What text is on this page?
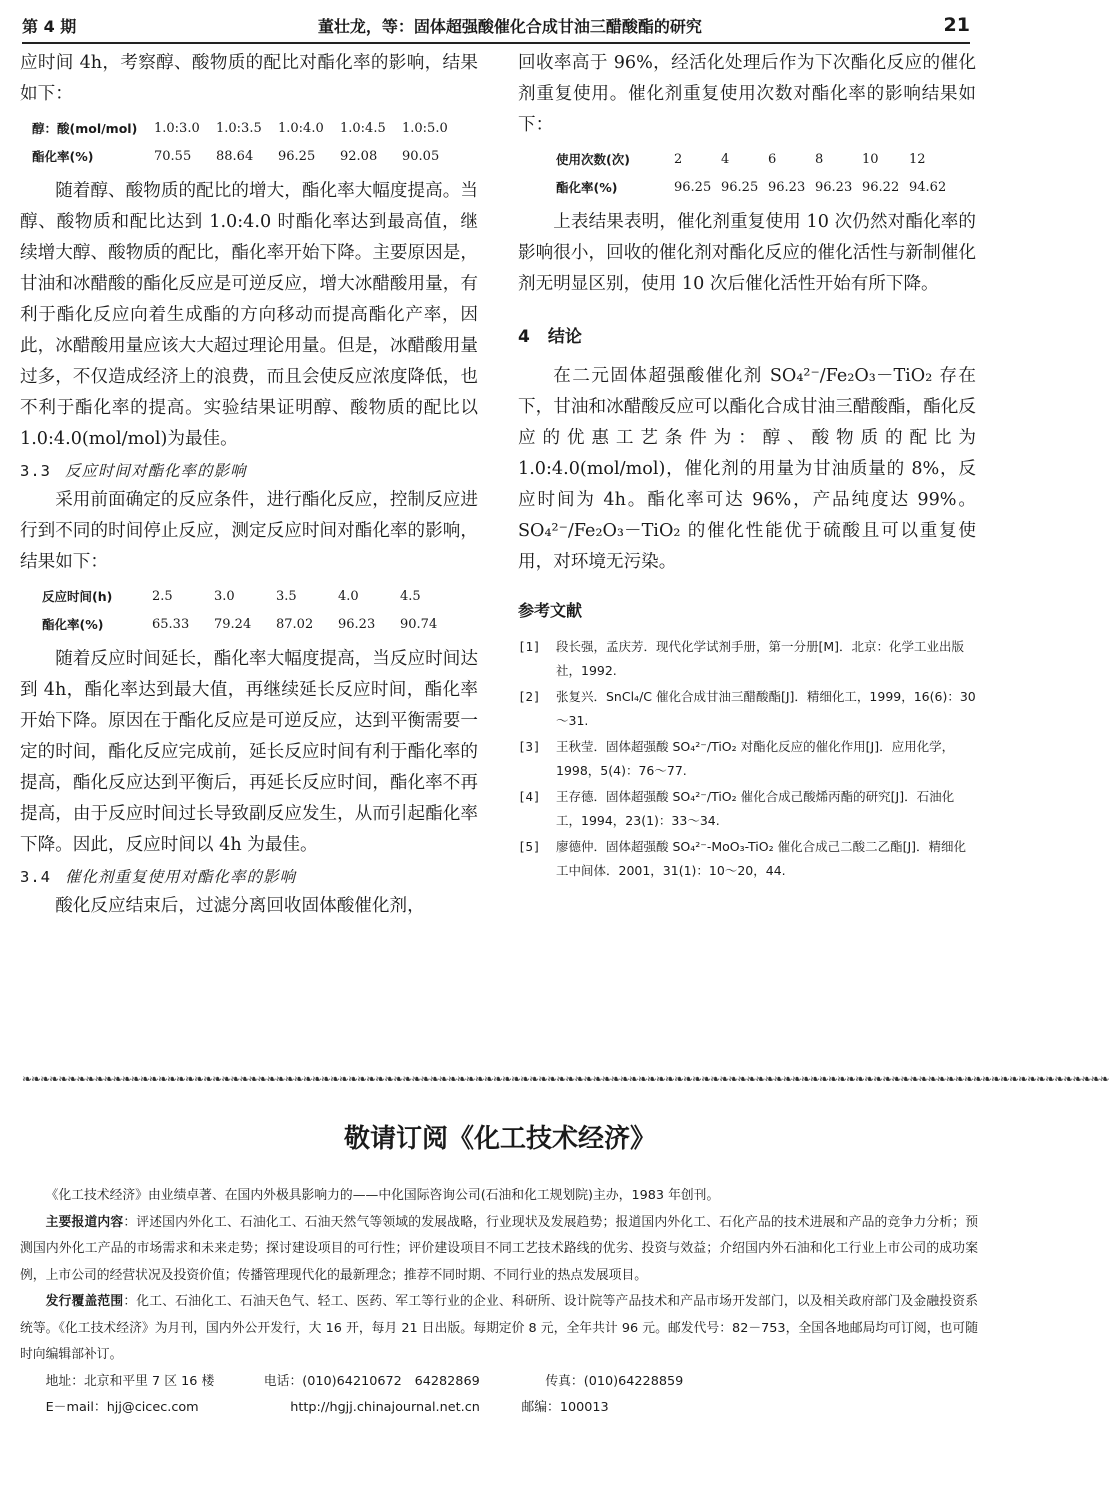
第 4 期	董壮龙，等：固体超强酸催化合成甘油三醋酸酯的研究	21

应时间 4h，考察醇、酸物质的配比对酯化率的影响，结果如下：

醇：酸(mol/mol)	1.0:3.0	1.0:3.5	1.0:4.0	1.0:4.5	1.0:5.0
酯化率(%)	70.55	88.64	96.25	92.08	90.05

随着醇、酸物质的配比的增大，酯化率大幅度提高。当醇、酸物质和配比达到 1.0:4.0 时酯化率达到最高值，继续增大醇、酸物质的配比，酯化率开始下降。主要原因是，甘油和冰醋酸的酯化反应是可逆反应，增大冰醋酸用量，有利于酯化反应向着生成酯的方向移动而提高酯化产率，因此，冰醋酸用量应该大大超过理论用量。但是，冰醋酸用量过多，不仅造成经济上的浪费，而且会使反应浓度降低，也不利于酯化率的提高。实验结果证明醇、酸物质的配比以 1.0:4.0(mol/mol)为最佳。

3.3 反应时间对酯化率的影响

采用前面确定的反应条件，进行酯化反应，控制反应进行到不同的时间停止反应，测定反应时间对酯化率的影响，结果如下：

反应时间(h)	2.5	3.0	3.5	4.0	4.5
酯化率(%)	65.33	79.24	87.02	96.23	90.74

随着反应时间延长，酯化率大幅度提高，当反应时间达到 4h，酯化率达到最大值，再继续延长反应时间，酯化率开始下降。原因在于酯化反应是可逆反应，达到平衡需要一定的时间，酯化反应完成前，延长反应时间有利于酯化率的提高，酯化反应达到平衡后，再延长反应时间，酯化率不再提高，由于反应时间过长导致副反应发生，从而引起酯化率下降。因此，反应时间以 4h 为最佳。

3.4 催化剂重复使用对酯化率的影响

酸化反应结束后，过滤分离回收固体酸催化剂，

回收率高于 96%，经活化处理后作为下次酯化反应的催化剂重复使用。催化剂重复使用次数对酯化率的影响结果如下：

使用次数(次)	2	4	6	8	10	12
酯化率(%)	96.25	96.25	96.23	96.23	96.22	94.62

上表结果表明，催化剂重复使用 10 次仍然对酯化率的影响很小，回收的催化剂对酯化反应的催化活性与新制催化剂无明显区别，使用 10 次后催化活性开始有所下降。

4 结论

在二元固体超强酸催化剂 SO₄²⁻/Fe₂O₃－TiO₂ 存在下，甘油和冰醋酸反应可以酯化合成甘油三醋酸酯，酯化反应的优惠工艺条件为：醇、酸物质的配比为 1.0:4.0(mol/mol)，催化剂的用量为甘油质量的 8%，反应时间为 4h。酯化率可达 96%，产品纯度达 99%。SO₄²⁻/Fe₂O₃－TiO₂ 的催化性能优于硫酸且可以重复使用，对环境无污染。

参考文献
[1]	段长强，孟庆芳．现代化学试剂手册，第一分册[M]．北京：化学工业出版社，1992.
[2]	张复兴．SnCl₄/C 催化合成甘油三醋酸酯[J]．精细化工，1999，16(6)：30～31.
[3]	王秋莹．固体超强酸 SO₄²⁻/TiO₂ 对酯化反应的催化作用[J]．应用化学，1998，5(4)：76～77.
[4]	王存德．固体超强酸 SO₄²⁻/TiO₂ 催化合成己酸烯丙酯的研究[J]．石油化工，1994，23(1)：33～34.
[5]	廖德仲．固体超强酸 SO₄²⁻-MoO₃-TiO₂ 催化合成己二酸二乙酯[J]．精细化工中间体．2001，31(1)：10～20，44.
❧❧❧❧❧❧❧❧❧❧❧❧❧❧❧❧❧❧❧❧❧❧❧❧❧❧❧❧❧❧❧❧❧❧❧❧❧❧❧❧❧❧❧❧❧❧❧❧❧❧❧❧❧❧❧❧❧❧❧❧❧❧❧❧❧❧❧❧❧❧❧❧❧❧❧❧❧❧❧❧❧❧❧❧❧❧❧❧❧❧❧❧❧❧❧❧❧❧❧❧❧❧❧❧❧❧❧❧❧❧❧❧❧❧❧❧❧❧❧❧
敬请订阅《化工技术经济》

《化工技术经济》由业绩卓著、在国内外极具影响力的——中化国际咨询公司(石油和化工规划院)主办，1983 年创刊。

主要报道内容：评述国内外化工、石油化工、石油天然气等领域的发展战略，行业现状及发展趋势；报道国内外化工、石化产品的技术进展和产品的竞争力分析；预测国内外化工产品的市场需求和未来走势；探讨建设项目的可行性；评价建设项目不同工艺技术路线的优劣、投资与效益；介绍国内外石油和化工行业上市公司的成功案例，上市公司的经营状况及投资价值；传播管理现代化的最新理念；推荐不同时期、不同行业的热点发展项目。

发行覆盖范围：化工、石油化工、石油天色气、轻工、医药、军工等行业的企业、科研所、设计院等产品技术和产品市场开发部门，以及相关政府部门及金融投资系统等。《化工技术经济》为月刊，国内外公开发行，大 16 开，每月 21 日出版。每期定价 8 元，全年共计 96 元。邮发代号：82－753，全国各地邮局均可订阅，也可随时向编辑部补订。

地址：北京和平里 7 区 16 楼	电话：(010)64210672　64282869	传真：(010)64228859

E－mail：hjj@cicec.com	http://hgjj.chinajournal.net.cn	邮编：100013
